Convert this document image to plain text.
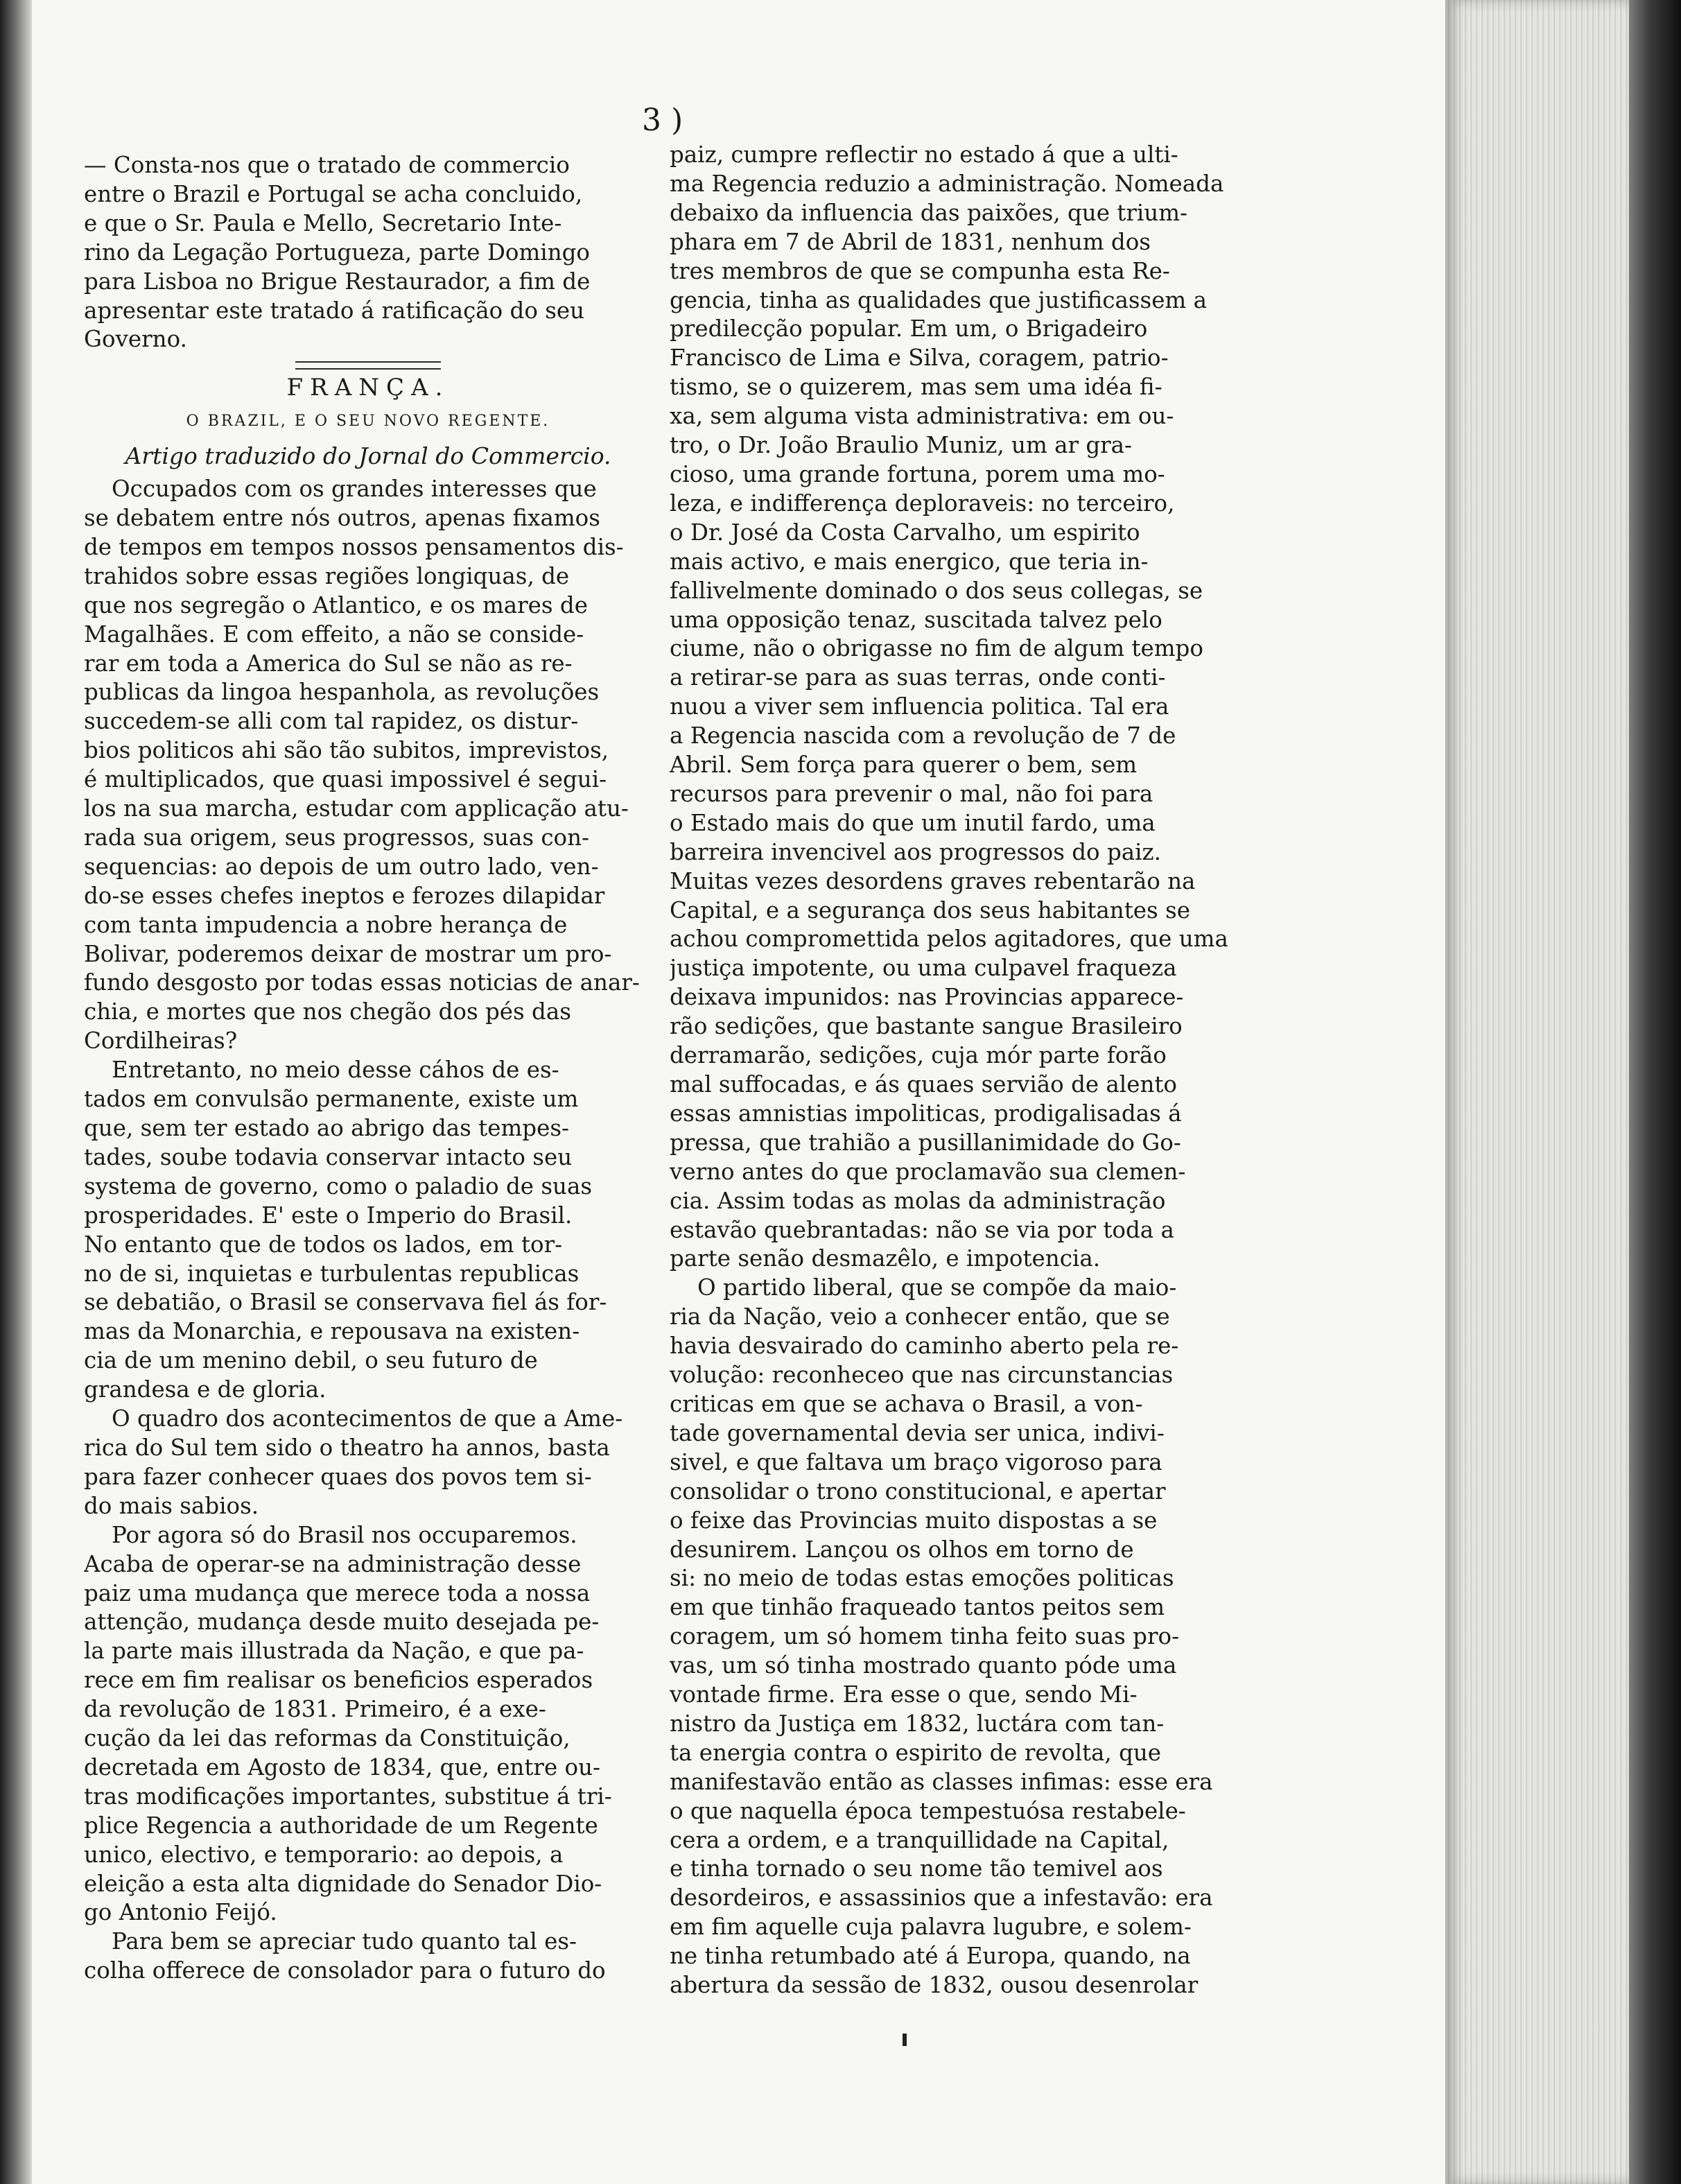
3 )

— Consta-nos que o tratado de commercio
entre o Brazil e Portugal se acha concluido,
e que o Sr. Paula e Mello, Secretario Inte-
rino da Legação Portugueza, parte Domingo
para Lisboa no Brigue Restaurador, a fim de
apresentar este tratado á ratificação do seu
Governo.

FRANÇA.
O BRAZIL, E O SEU NOVO REGENTE.
Artigo traduzido do Jornal do Commercio.

Occupados com os grandes interesses que
se debatem entre nós outros, apenas fixamos
de tempos em tempos nossos pensamentos dis-
trahidos sobre essas regiões longiquas, de
que nos segregão o Atlantico, e os mares de
Magalhães. E com effeito, a não se conside-
rar em toda a America do Sul se não as re-
publicas da lingoa hespanhola, as revoluções
succedem-se alli com tal rapidez, os distur-
bios politicos ahi são tão subitos, imprevistos,
é multiplicados, que quasi impossivel é segui-
los na sua marcha, estudar com applicação atu-
rada sua origem, seus progressos, suas con-
sequencias: ao depois de um outro lado, ven-
do-se esses chefes ineptos e ferozes dilapidar
com tanta impudencia a nobre herança de
Bolivar, poderemos deixar de mostrar um pro-
fundo desgosto por todas essas noticias de anar-
chia, e mortes que nos chegão dos pés das
Cordilheiras?

Entretanto, no meio desse cáhos de es-
tados em convulsão permanente, existe um
que, sem ter estado ao abrigo das tempes-
tades, soube todavia conservar intacto seu
systema de governo, como o paladio de suas
prosperidades. E' este o Imperio do Brasil.
No entanto que de todos os lados, em tor-
no de si, inquietas e turbulentas republicas
se debatião, o Brasil se conservava fiel ás for-
mas da Monarchia, e repousava na existen-
cia de um menino debil, o seu futuro de
grandesa e de gloria.

O quadro dos acontecimentos de que a Ame-
rica do Sul tem sido o theatro ha annos, basta
para fazer conhecer quaes dos povos tem si-
do mais sabios.

Por agora só do Brasil nos occuparemos.
Acaba de operar-se na administração desse
paiz uma mudança que merece toda a nossa
attenção, mudança desde muito desejada pe-
la parte mais illustrada da Nação, e que pa-
rece em fim realisar os beneficios esperados
da revolução de 1831. Primeiro, é a exe-
cução da lei das reformas da Constituição,
decretada em Agosto de 1834, que, entre ou-
tras modificações importantes, substitue á tri-
plice Regencia a authoridade de um Regente
unico, electivo, e temporario: ao depois, a
eleição a esta alta dignidade do Senador Dio-
go Antonio Feijó.

Para bem se apreciar tudo quanto tal es-
colha offerece de consolador para o futuro do

paiz, cumpre reflectir no estado á que a ulti-
ma Regencia reduzio a administração. Nomeada
debaixo da influencia das paixões, que trium-
phara em 7 de Abril de 1831, nenhum dos
tres membros de que se compunha esta Re-
gencia, tinha as qualidades que justificassem a
predilecção popular. Em um, o Brigadeiro
Francisco de Lima e Silva, coragem, patrio-
tismo, se o quizerem, mas sem uma idéa fi-
xa, sem alguma vista administrativa: em ou-
tro, o Dr. João Braulio Muniz, um ar gra-
cioso, uma grande fortuna, porem uma mo-
leza, e indifferença deploraveis: no terceiro,
o Dr. José da Costa Carvalho, um espirito
mais activo, e mais energico, que teria in-
fallivelmente dominado o dos seus collegas, se
uma opposição tenaz, suscitada talvez pelo
ciume, não o obrigasse no fim de algum tempo
a retirar-se para as suas terras, onde conti-
nuou a viver sem influencia politica. Tal era
a Regencia nascida com a revolução de 7 de
Abril. Sem força para querer o bem, sem
recursos para prevenir o mal, não foi para
o Estado mais do que um inutil fardo, uma
barreira invencivel aos progressos do paiz.
Muitas vezes desordens graves rebentarão na
Capital, e a segurança dos seus habitantes se
achou compromettida pelos agitadores, que uma
justiça impotente, ou uma culpavel fraqueza
deixava impunidos: nas Provincias apparece-
rão sedições, que bastante sangue Brasileiro
derramarão, sedições, cuja mór parte forão
mal suffocadas, e ás quaes servião de alento
essas amnistias impoliticas, prodigalisadas á
pressa, que trahião a pusillanimidade do Go-
verno antes do que proclamavão sua clemen-
cia. Assim todas as molas da administração
estavão quebrantadas: não se via por toda a
parte senão desmazêlo, e impotencia.

O partido liberal, que se compõe da maio-
ria da Nação, veio a conhecer então, que se
havia desvairado do caminho aberto pela re-
volução: reconheceo que nas circunstancias
criticas em que se achava o Brasil, a von-
tade governamental devia ser unica, indivi-
sivel, e que faltava um braço vigoroso para
consolidar o trono constitucional, e apertar
o feixe das Provincias muito dispostas a se
desunirem. Lançou os olhos em torno de
si: no meio de todas estas emoções politicas
em que tinhão fraqueado tantos peitos sem
coragem, um só homem tinha feito suas pro-
vas, um só tinha mostrado quanto póde uma
vontade firme. Era esse o que, sendo Mi-
nistro da Justiça em 1832, luctára com tan-
ta energia contra o espirito de revolta, que
manifestavão então as classes infimas: esse era
o que naquella época tempestuósa restabele-
cera a ordem, e a tranquillidade na Capital,
e tinha tornado o seu nome tão temivel aos
desordeiros, e assassinios que a infestavão: era
em fim aquelle cuja palavra lugubre, e solem-
ne tinha retumbado até á Europa, quando, na
abertura da sessão de 1832, ousou desenrolar
